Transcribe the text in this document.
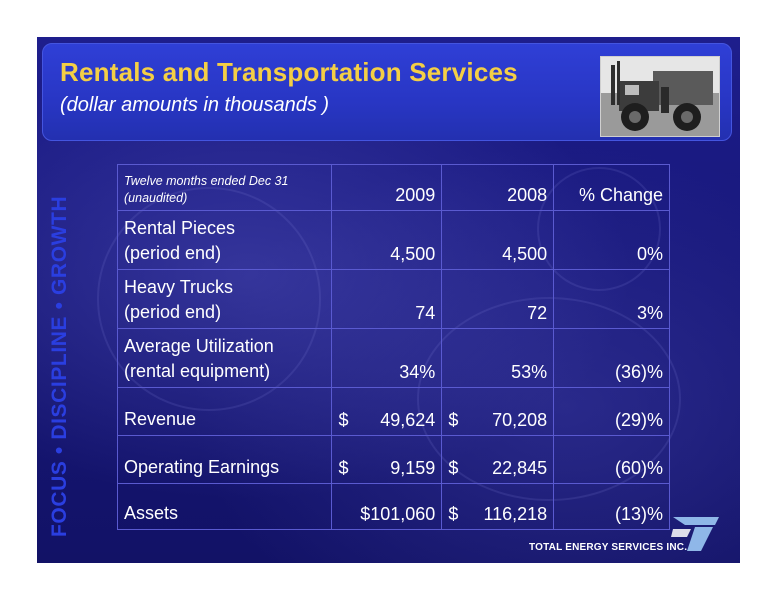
Rentals and Transportation Services
(dollar amounts in thousands )
FOCUS • DISCIPLINE • GROWTH
Twelve months ended Dec 31
(unaudited)	2009	2008	% Change

Rental Pieces
(period end)	4,500	4,500	0%

Heavy Trucks
(period end)	74	72	3%

Average Utilization
(rental equipment)	34%	53%	(36)%
Revenue	$ 49,624	$ 70,208	(29)%
Operating Earnings	$ 9,159	$ 22,845	(60)%
Assets	$101,060	$ 116,218	(13)%
TOTAL ENERGY SERVICES INC.
